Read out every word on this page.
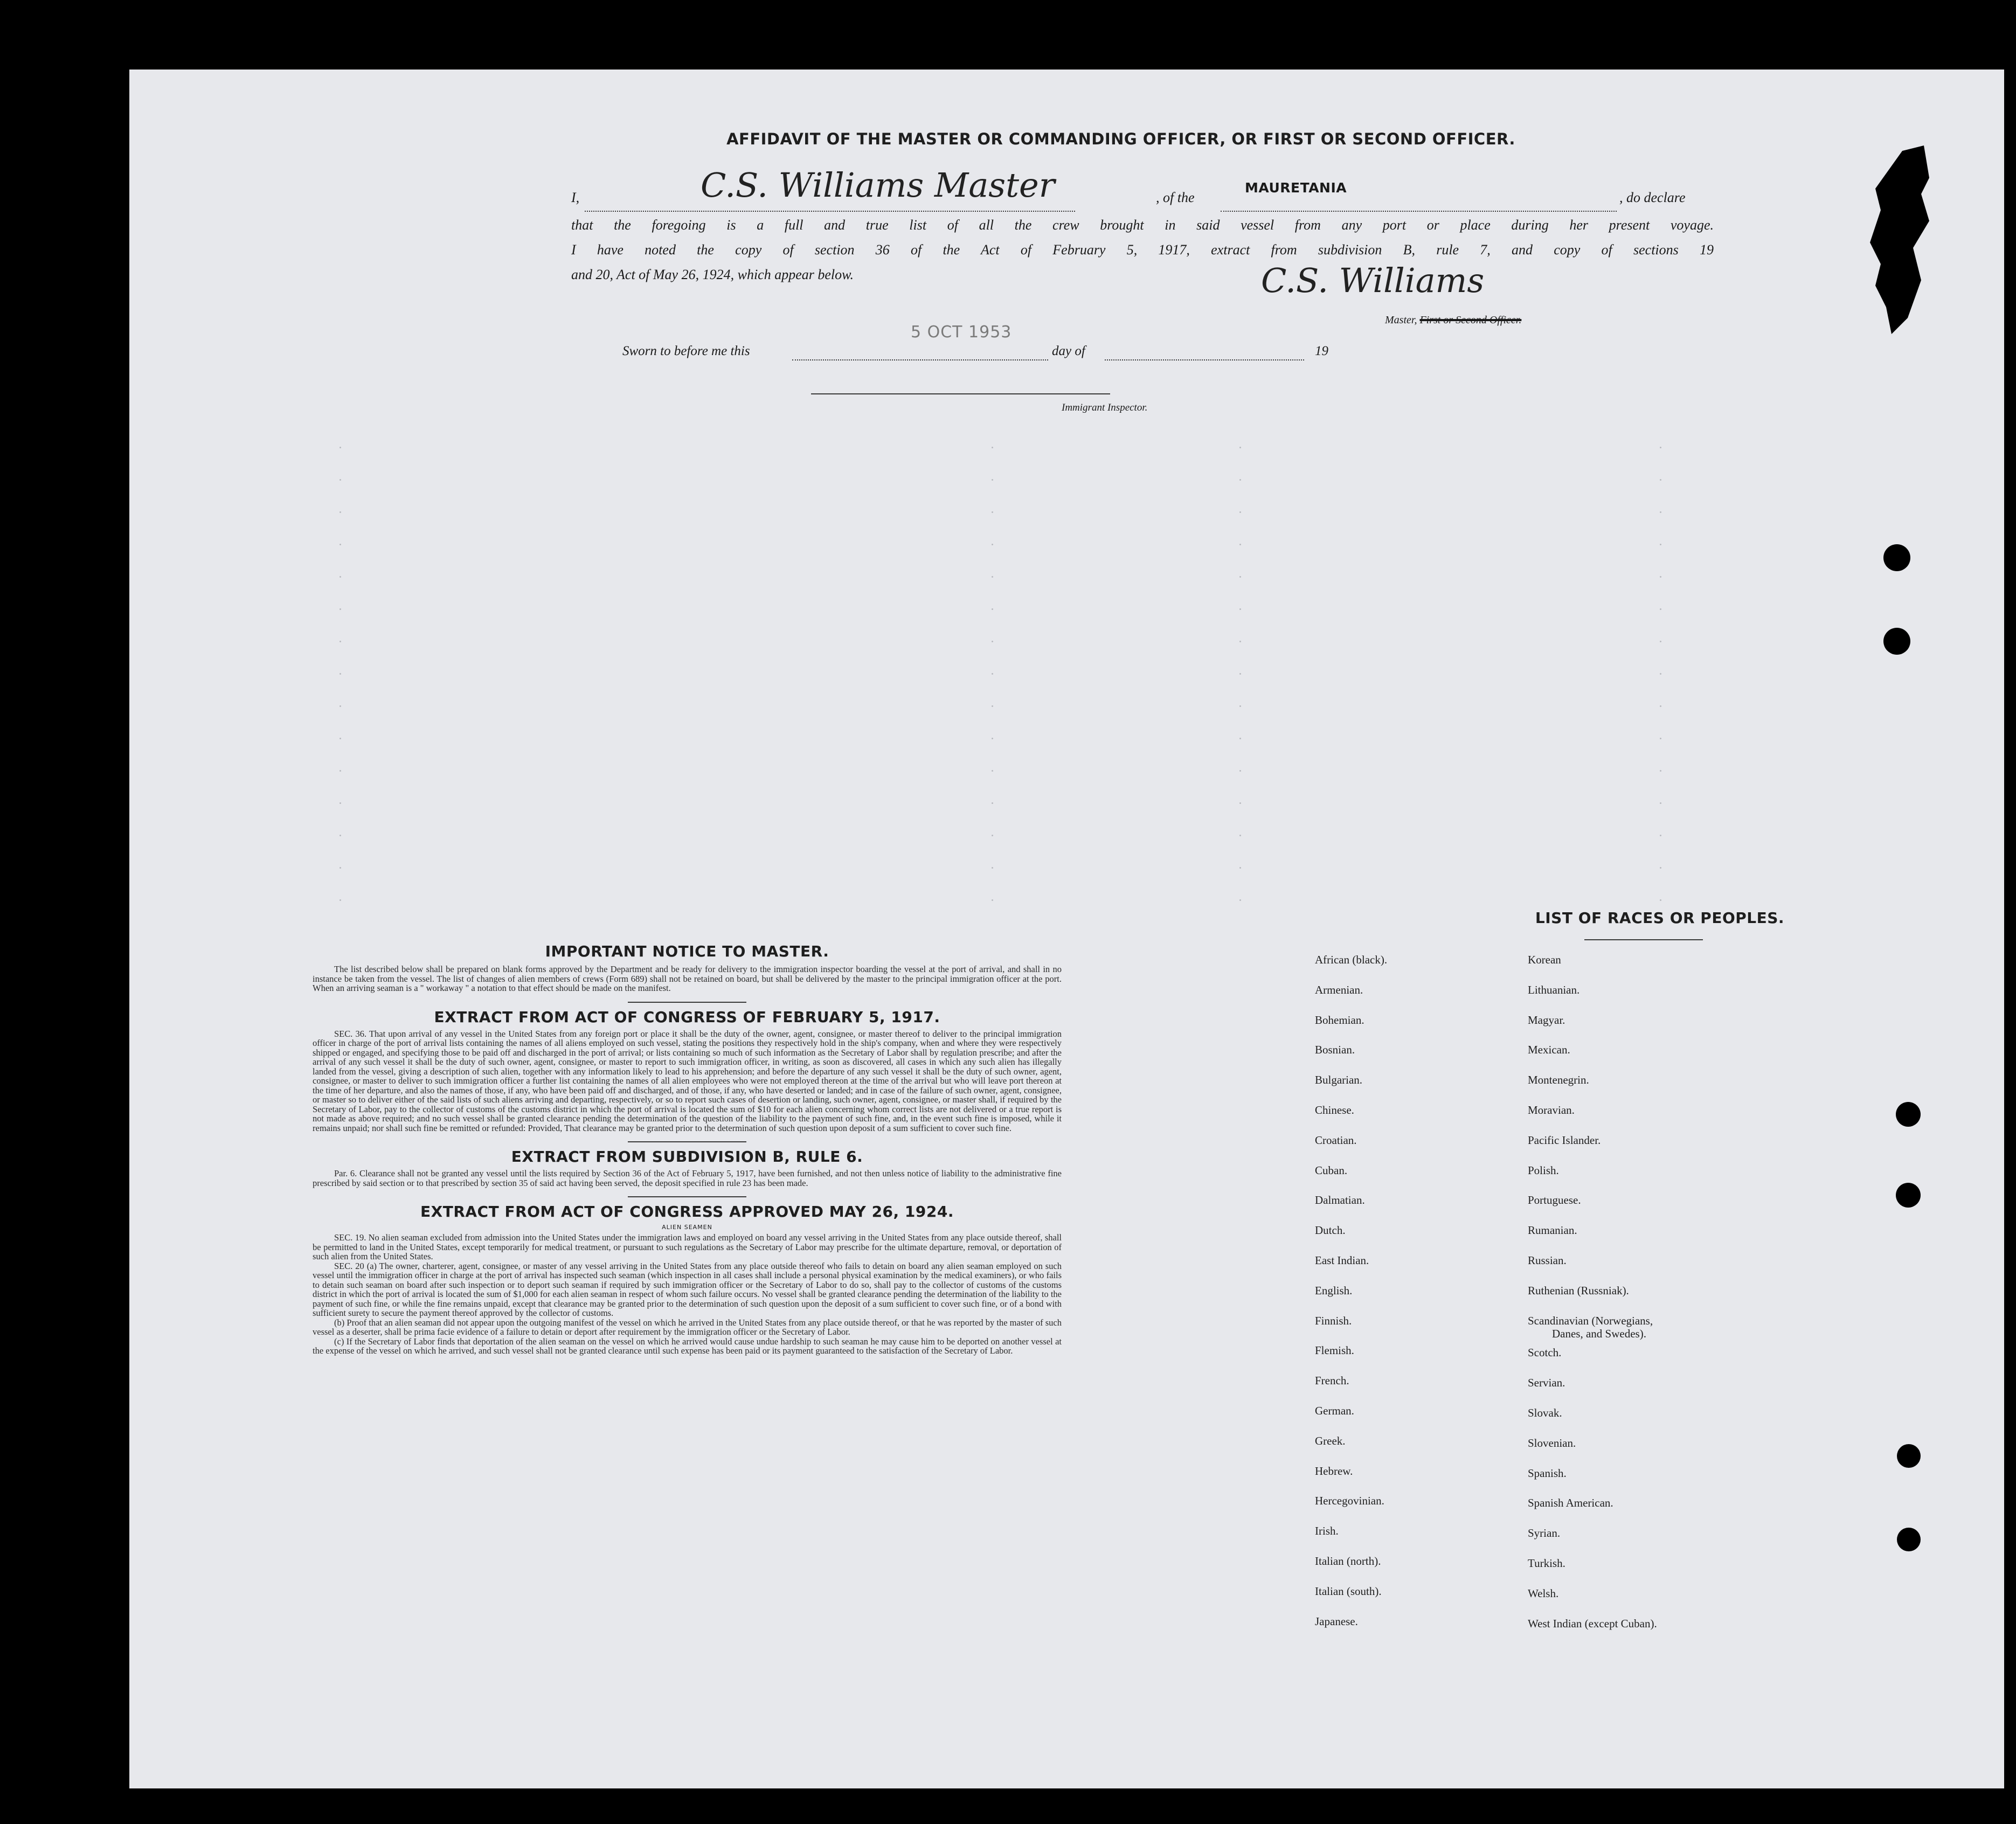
AFFIDAVIT OF THE MASTER OR COMMANDING OFFICER, OR FIRST OR SECOND OFFICER.
I,	C.S. Williams Master	, of the
MAURETANIA
, do declare
that the foregoing is a full and true list of all the crew brought in said vessel from any port or place during her present voyage.
I have noted the copy of section 36 of the Act of February 5, 1917, extract from subdivision B, rule 7, and copy of sections 19
and 20, Act of May 26, 1924, which appear below.	C.S. Williams
Master, First or Second Officer.
Sworn to before me this
5 OCT 1953
day of	19
Immigrant Inspector.
IMPORTANT NOTICE TO MASTER.
The list described below shall be prepared on blank forms approved by the Department and be ready for delivery to the immigration inspector boarding the vessel at the port of arrival, and shall in no instance be taken from the vessel. The list of changes of alien members of crews (Form 689) shall not be retained on board, but shall be delivered by the master to the principal immigration officer at the port. When an arriving seaman is a " workaway " a notation to that effect should be made on the manifest.
EXTRACT FROM ACT OF CONGRESS OF FEBRUARY 5, 1917.
SEC. 36. That upon arrival of any vessel in the United States from any foreign port or place it shall be the duty of the owner, agent, consignee, or master thereof to deliver to the principal immigration officer in charge of the port of arrival lists containing the names of all aliens employed on such vessel, stating the positions they respectively hold in the ship's company, when and where they were respectively shipped or engaged, and specifying those to be paid off and discharged in the port of arrival; or lists containing so much of such information as the Secretary of Labor shall by regulation prescribe; and after the arrival of any such vessel it shall be the duty of such owner, agent, consignee, or master to report to such immigration officer, in writing, as soon as discovered, all cases in which any such alien has illegally landed from the vessel, giving a description of such alien, together with any information likely to lead to his apprehension; and before the departure of any such vessel it shall be the duty of such owner, agent, consignee, or master to deliver to such immigration officer a further list containing the names of all alien employees who were not employed thereon at the time of the arrival but who will leave port thereon at the time of her departure, and also the names of those, if any, who have been paid off and discharged, and of those, if any, who have deserted or landed; and in case of the failure of such owner, agent, consignee, or master so to deliver either of the said lists of such aliens arriving and departing, respectively, or so to report such cases of desertion or landing, such owner, agent, consignee, or master shall, if required by the Secretary of Labor, pay to the collector of customs of the customs district in which the port of arrival is located the sum of $10 for each alien concerning whom correct lists are not delivered or a true report is not made as above required; and no such vessel shall be granted clearance pending the determination of the question of the liability to the payment of such fine, and, in the event such fine is imposed, while it remains unpaid; nor shall such fine be remitted or refunded: Provided, That clearance may be granted prior to the determination of such question upon deposit of a sum sufficient to cover such fine.
EXTRACT FROM SUBDIVISION B, RULE 6.
Par. 6. Clearance shall not be granted any vessel until the lists required by Section 36 of the Act of February 5, 1917, have been furnished, and not then unless notice of liability to the administrative fine prescribed by said section or to that prescribed by section 35 of said act having been served, the deposit specified in rule 23 has been made.
EXTRACT FROM ACT OF CONGRESS APPROVED MAY 26, 1924.
ALIEN SEAMEN
SEC. 19. No alien seaman excluded from admission into the United States under the immigration laws and employed on board any vessel arriving in the United States from any place outside thereof, shall be permitted to land in the United States, except temporarily for medical treatment, or pursuant to such regulations as the Secretary of Labor may prescribe for the ultimate departure, removal, or deportation of such alien from the United States.
SEC. 20 (a) The owner, charterer, agent, consignee, or master of any vessel arriving in the United States from any place outside thereof who fails to detain on board any alien seaman employed on such vessel until the immigration officer in charge at the port of arrival has inspected such seaman (which inspection in all cases shall include a personal physical examination by the medical examiners), or who fails to detain such seaman on board after such inspection or to deport such seaman if required by such immigration officer or the Secretary of Labor to do so, shall pay to the collector of customs of the customs district in which the port of arrival is located the sum of $1,000 for each alien seaman in respect of whom such failure occurs. No vessel shall be granted clearance pending the determination of the liability to the payment of such fine, or while the fine remains unpaid, except that clearance may be granted prior to the determination of such question upon the deposit of a sum sufficient to cover such fine, or of a bond with sufficient surety to secure the payment thereof approved by the collector of customs.
(b) Proof that an alien seaman did not appear upon the outgoing manifest of the vessel on which he arrived in the United States from any place outside thereof, or that he was reported by the master of such vessel as a deserter, shall be prima facie evidence of a failure to detain or deport after requirement by the immigration officer or the Secretary of Labor.
(c) If the Secretary of Labor finds that deportation of the alien seaman on the vessel on which he arrived would cause undue hardship to such seaman he may cause him to be deported on another vessel at the expense of the vessel on which he arrived, and such vessel shall not be granted clearance until such expense has been paid or its payment guaranteed to the satisfaction of the Secretary of Labor.
LIST OF RACES OR PEOPLES.
African (black).
Armenian.
Bohemian.
Bosnian.
Bulgarian.
Chinese.
Croatian.
Cuban.
Dalmatian.
Dutch.
East Indian.
English.
Finnish.
Flemish.
French.
German.
Greek.
Hebrew.
Hercegovinian.
Irish.
Italian (north).
Italian (south).
Japanese.
Korean
Lithuanian.
Magyar.
Mexican.
Montenegrin.
Moravian.
Pacific Islander.
Polish.
Portuguese.
Rumanian.
Russian.
Ruthenian (Russniak).
Scandinavian (Norwegians,
Scotch.
Servian.
Slovak.
Slovenian.
Spanish.
Spanish American.
Syrian.
Turkish.
Welsh.
West Indian (except Cuban).
Danes, and Swedes).
